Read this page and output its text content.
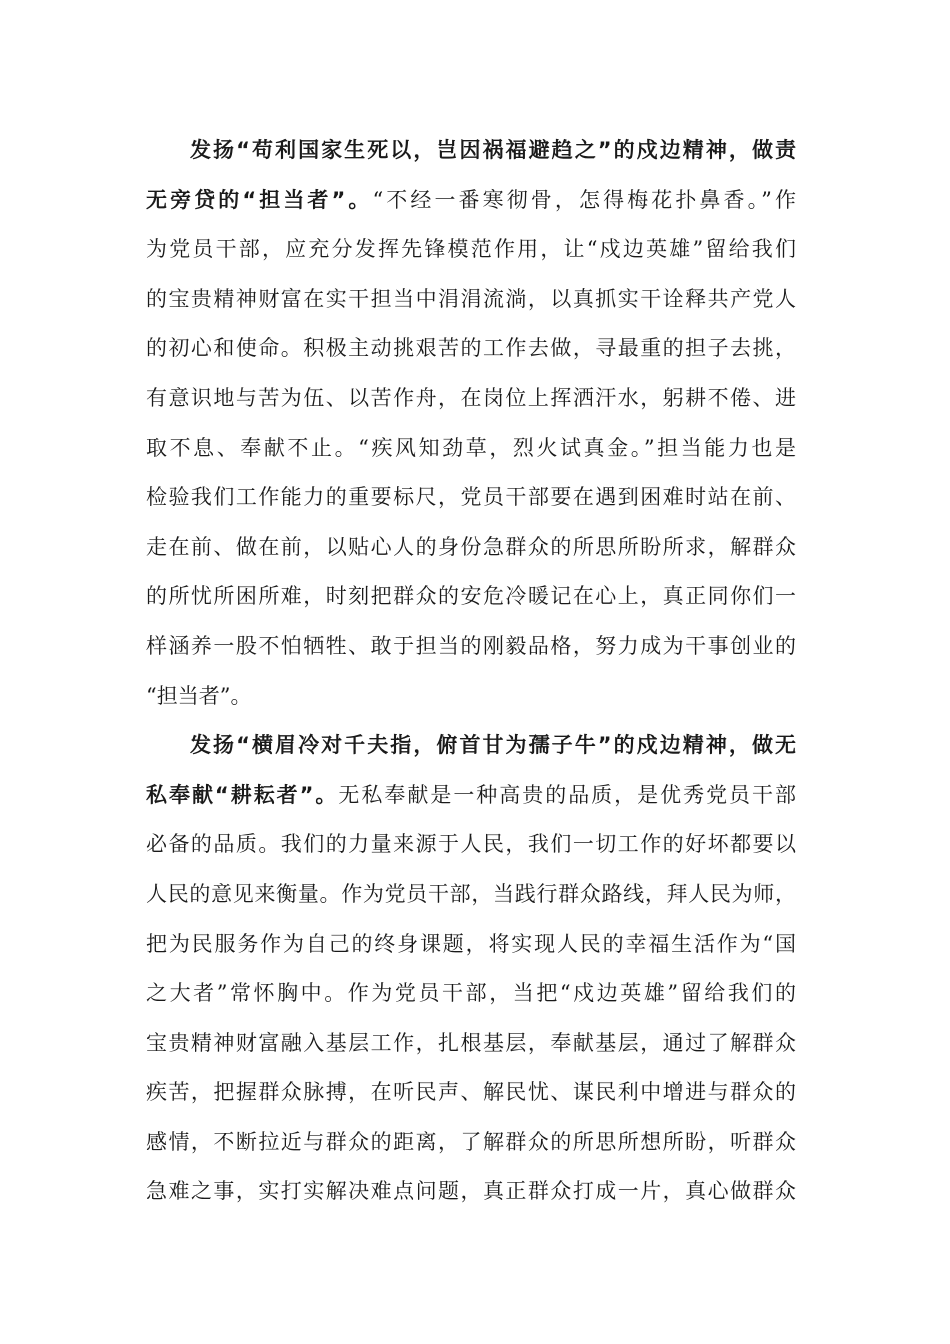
发扬“苟利国家生死以，岂因祸福避趋之”的戍边精神，做责
无旁贷的“担当者”。“不经一番寒彻骨，怎得梅花扑鼻香。”作
为党员干部，应充分发挥先锋模范作用，让“戍边英雄”留给我们
的宝贵精神财富在实干担当中涓涓流淌，以真抓实干诠释共产党人
的初心和使命。积极主动挑艰苦的工作去做，寻最重的担子去挑，
有意识地与苦为伍、以苦作舟，在岗位上挥洒汗水，躬耕不倦、进
取不息、奉献不止。“疾风知劲草，烈火试真金。”担当能力也是
检验我们工作能力的重要标尺，党员干部要在遇到困难时站在前、
走在前、做在前，以贴心人的身份急群众的所思所盼所求，解群众
的所忧所困所难，时刻把群众的安危冷暖记在心上，真正同你们一
样涵养一股不怕牺牲、敢于担当的刚毅品格，努力成为干事创业的
“担当者”。
发扬“横眉冷对千夫指，俯首甘为孺子牛”的戍边精神，做无
私奉献“耕耘者”。无私奉献是一种高贵的品质，是优秀党员干部
必备的品质。我们的力量来源于人民，我们一切工作的好坏都要以
人民的意见来衡量。作为党员干部，当践行群众路线，拜人民为师，
把为民服务作为自己的终身课题，将实现人民的幸福生活作为“国
之大者”常怀胸中。作为党员干部，当把“戍边英雄”留给我们的
宝贵精神财富融入基层工作，扎根基层，奉献基层，通过了解群众
疾苦，把握群众脉搏，在听民声、解民忧、谋民利中增进与群众的
感情，不断拉近与群众的距离，了解群众的所思所想所盼，听群众
急难之事，实打实解决难点问题，真正群众打成一片，真心做群众
